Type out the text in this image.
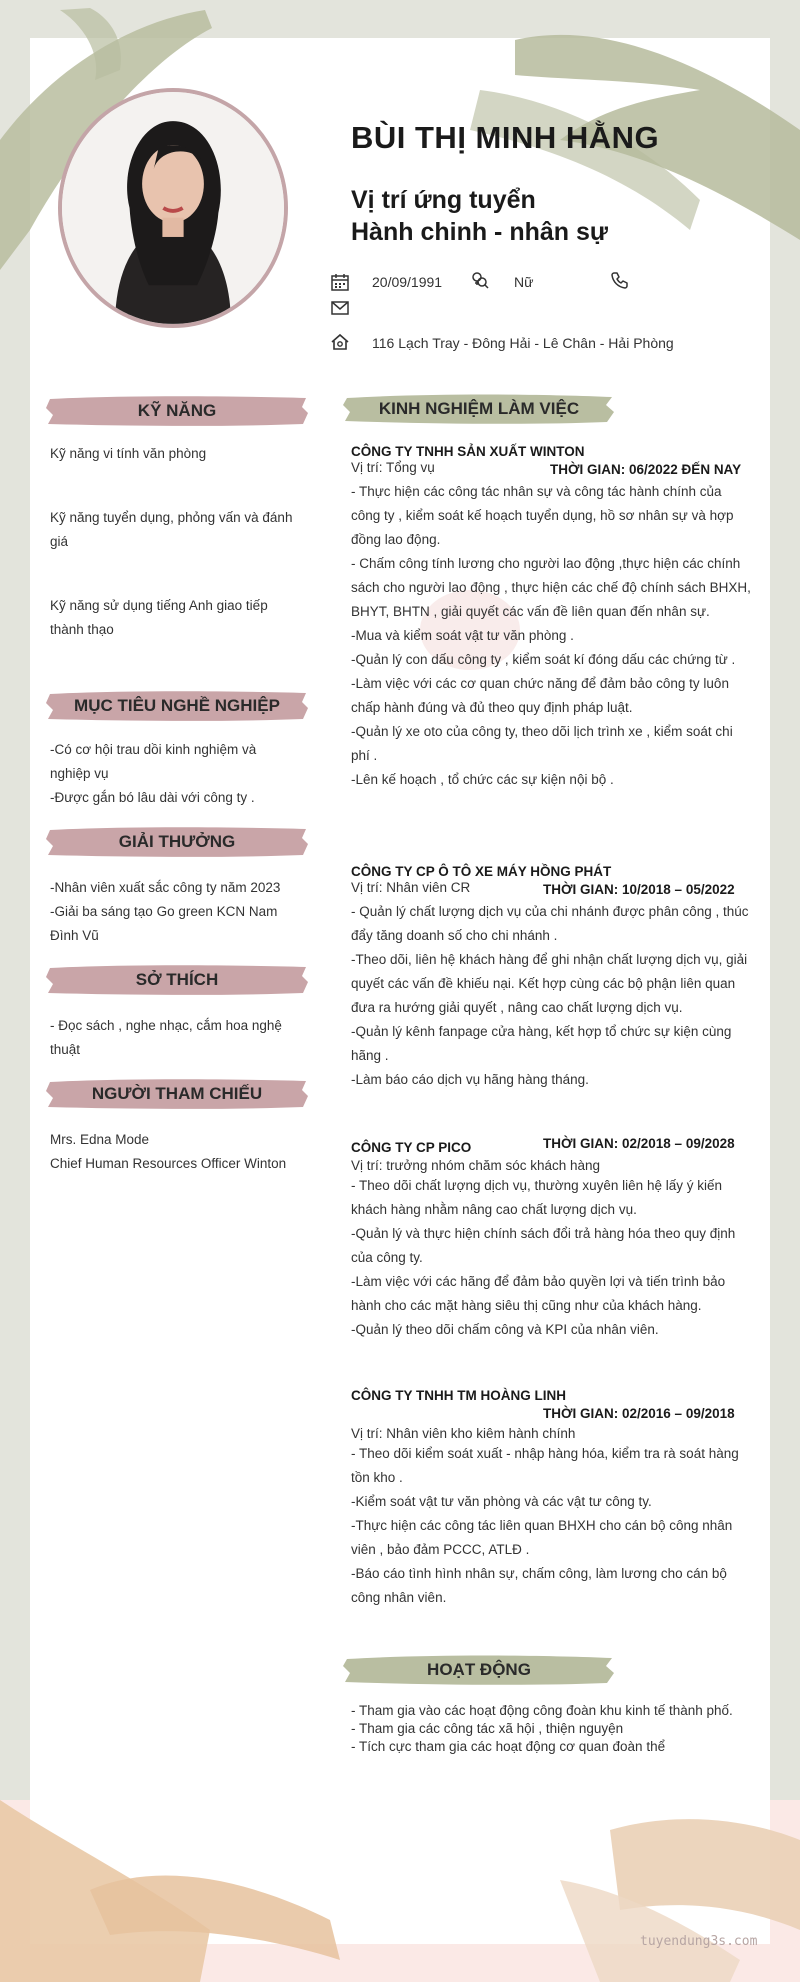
BÙI THỊ MINH HẰNG
Vị trí ứng tuyển
Hành chinh - nhân sự
20/09/1991	Nữ
116 Lạch Tray - Đông Hải - Lê Chân - Hải Phòng
KỸ NĂNG
Kỹ năng vi tính văn phòng
Kỹ năng tuyển dụng, phỏng vấn và đánh giá
Kỹ năng sử dụng tiếng Anh giao tiếp thành thạo
MỤC TIÊU NGHỀ NGHIỆP
-Có cơ hội trau dồi kinh nghiệm và nghiệp vụ
-Được gắn bó lâu dài với công ty .
GIẢI THƯỞNG
-Nhân viên xuất sắc công ty năm 2023
-Giải ba sáng tạo Go green KCN Nam Đình Vũ
SỞ THÍCH
- Đọc sách , nghe nhạc, cắm hoa nghệ thuật
NGƯỜI THAM CHIẾU
Mrs. Edna Mode
Chief Human Resources Officer Winton
KINH NGHIỆM LÀM VIỆC
CÔNG TY TNHH SẢN XUẤT WINTON
Vị trí: Tổng vụ	THỜI GIAN: 06/2022 ĐẾN NAY
- Thực hiện các công tác nhân sự và công tác hành chính của công ty , kiểm soát kế hoạch tuyển dụng, hồ sơ nhân sự và hợp đồng lao động.
- Chấm công tính lương cho người lao động ,thực hiện các chính sách cho người lao động , thực hiện các chế độ chính sách BHXH, BHYT, BHTN , giải quyết các vấn đề liên quan đến nhân sự.
-Mua và kiểm soát vật tư văn phòng .
-Quản lý con dấu công ty , kiểm soát kí đóng dấu các chứng từ .
-Làm việc với các cơ quan chức năng để đảm bảo công ty luôn chấp hành đúng và đủ theo quy định pháp luật.
-Quản lý xe oto của công ty, theo dõi lịch trình xe , kiểm soát chi phí .
-Lên kế hoạch , tổ chức các sự kiện nội bộ .
CÔNG TY CP Ô TÔ XE MÁY HỒNG PHÁT
Vị trí: Nhân viên CR	THỜI GIAN: 10/2018 – 05/2022
- Quản lý chất lượng dịch vụ của chi nhánh được phân công , thúc đẩy tăng doanh số cho chi nhánh .
-Theo dõi, liên hệ khách hàng để ghi nhận chất lượng dịch vụ, giải quyết các vấn đề khiếu nại. Kết hợp cùng các bộ phận liên quan đưa ra hướng giải quyết , nâng cao chất lượng dịch vụ.
-Quản lý kênh fanpage cửa hàng, kết hợp tổ chức sự kiện cùng hãng .
-Làm báo cáo dịch vụ hãng hàng tháng.
CÔNG TY CP PICO	THỜI GIAN: 02/2018 – 09/2028
Vị trí: trưởng nhóm chăm sóc khách hàng
- Theo dõi chất lượng dịch vụ, thường xuyên liên hệ lấy ý kiến khách hàng nhằm nâng cao chất lượng dịch vụ.
-Quản lý và thực hiện chính sách đổi trả hàng hóa theo quy định của công ty.
-Làm việc với các hãng để đảm bảo quyền lợi và tiến trình bảo hành cho các mặt hàng siêu thị cũng như của khách hàng.
-Quản lý theo dõi chấm công và KPI của nhân viên.
CÔNG TY TNHH TM HOÀNG LINH
THỜI GIAN: 02/2016 – 09/2018
Vị trí: Nhân viên kho kiêm hành chính
- Theo dõi kiểm soát xuất - nhập hàng hóa, kiểm tra rà soát hàng tồn kho .
-Kiểm soát vật tư văn phòng và các vật tư công ty.
-Thực hiện các công tác liên quan BHXH cho cán bộ công nhân viên , bảo đảm PCCC, ATLĐ .
-Báo cáo tình hình nhân sự, chấm công, làm lương cho cán bộ công nhân viên.
HOẠT ĐỘNG
- Tham gia vào các hoạt động công đoàn khu kinh tế thành phố.
- Tham gia các công tác xã hội , thiện nguyện
- Tích cực tham gia các hoạt động cơ quan đoàn thể
tuyendung3s.com
